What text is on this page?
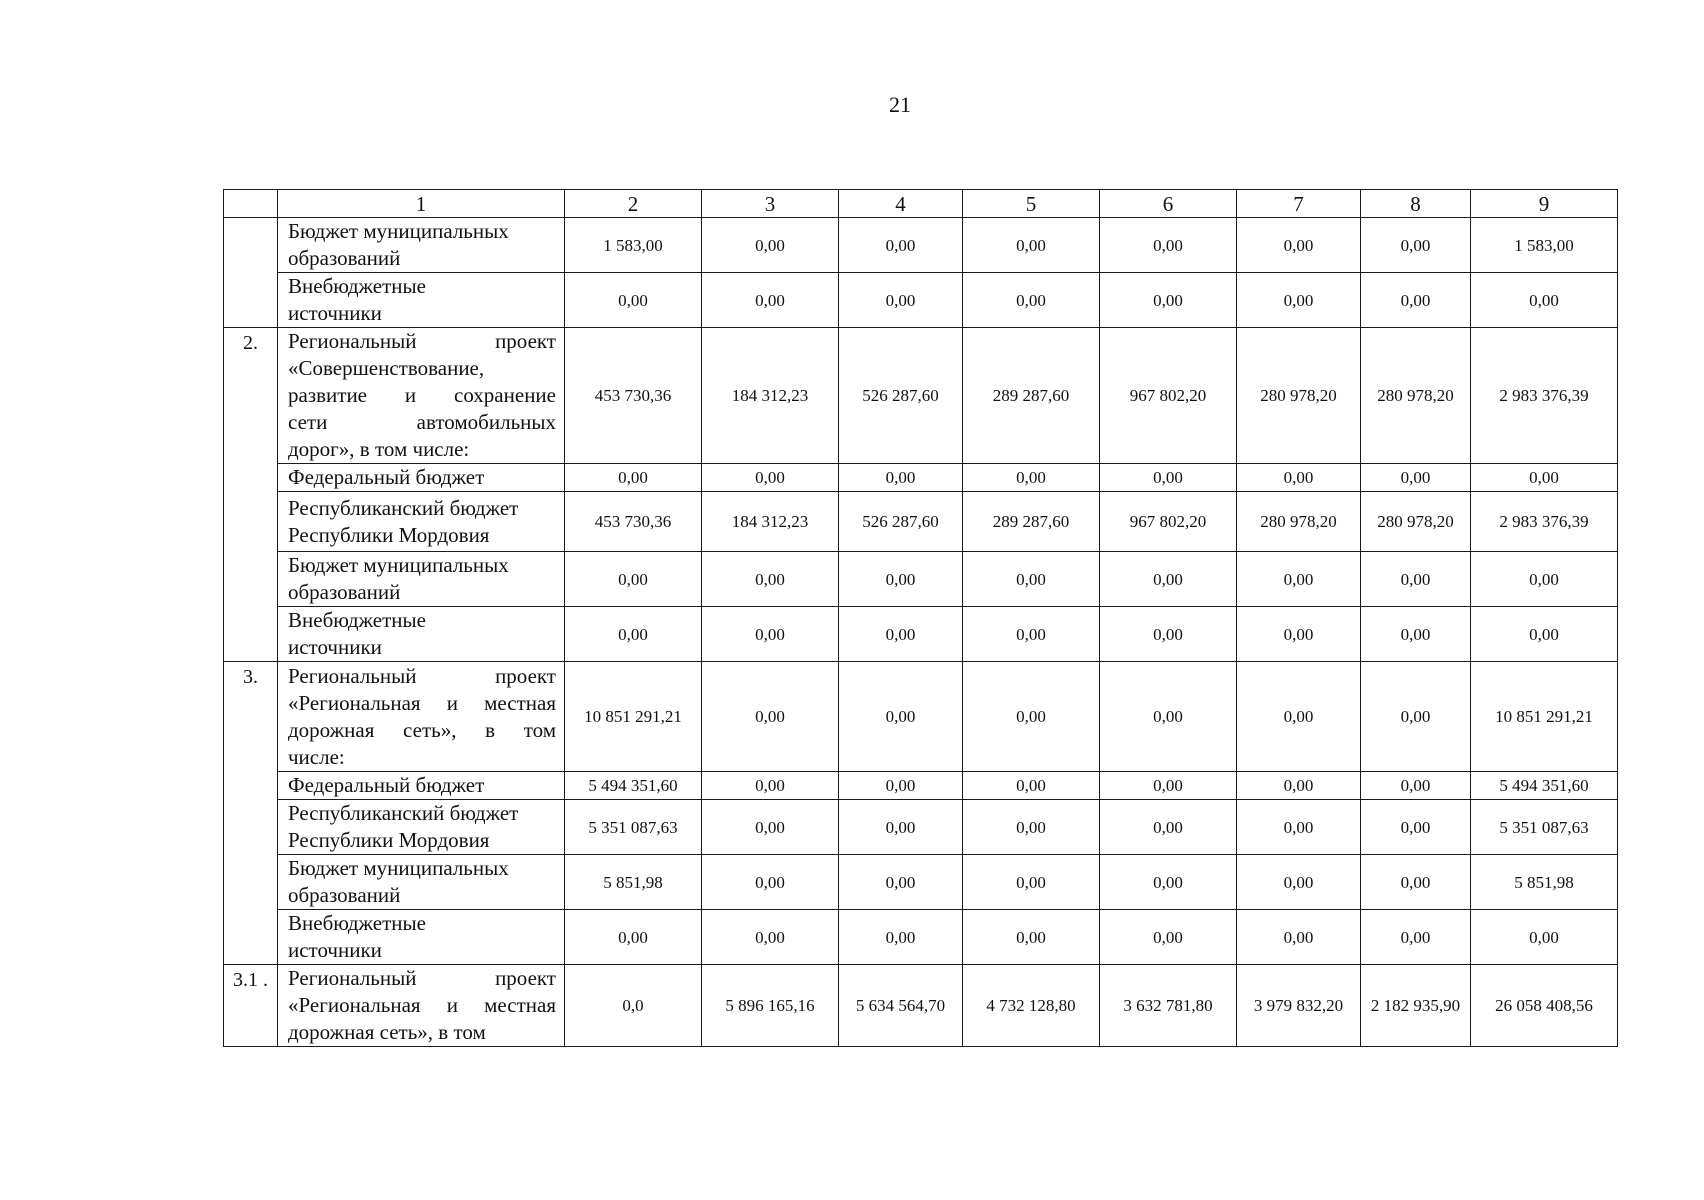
21
	1	2	3	4	5	6	7	8	9

	Бюджет муниципальных
образований	1 583,00	0,00	0,00	0,00	0,00	0,00	0,00	1 583,00

	Внебюджетные
источники	0,00	0,00	0,00	0,00	0,00	0,00	0,00	0,00
2.	Региональный проект
«Совершенствование,
развитие и сохранение
сети автомобильных
дорог», в том числе:	453 730,36	184 312,23	526 287,60	289 287,60	967 802,20	280 978,20	280 978,20	2 983 376,39

	Федеральный бюджет	0,00	0,00	0,00	0,00	0,00	0,00	0,00	0,00

	Республиканский бюджет
Республики Мордовия	453 730,36	184 312,23	526 287,60	289 287,60	967 802,20	280 978,20	280 978,20	2 983 376,39

	Бюджет муниципальных
образований	0,00	0,00	0,00	0,00	0,00	0,00	0,00	0,00

	Внебюджетные
источники	0,00	0,00	0,00	0,00	0,00	0,00	0,00	0,00
3.	Региональный проект
«Региональная и местная
дорожная сеть», в том
числе:	10 851 291,21	0,00	0,00	0,00	0,00	0,00	0,00	10 851 291,21

	Федеральный бюджет	5 494 351,60	0,00	0,00	0,00	0,00	0,00	0,00	5 494 351,60

	Республиканский бюджет
Республики Мордовия	5 351 087,63	0,00	0,00	0,00	0,00	0,00	0,00	5 351 087,63

	Бюджет муниципальных
образований	5 851,98	0,00	0,00	0,00	0,00	0,00	0,00	5 851,98

	Внебюджетные
источники	0,00	0,00	0,00	0,00	0,00	0,00	0,00	0,00
3.1 .	Региональный проект
«Региональная и местная
дорожная сеть», в том	0,0	5 896 165,16	5 634 564,70	4 732 128,80	3 632 781,80	3 979 832,20	2 182 935,90	26 058 408,56
